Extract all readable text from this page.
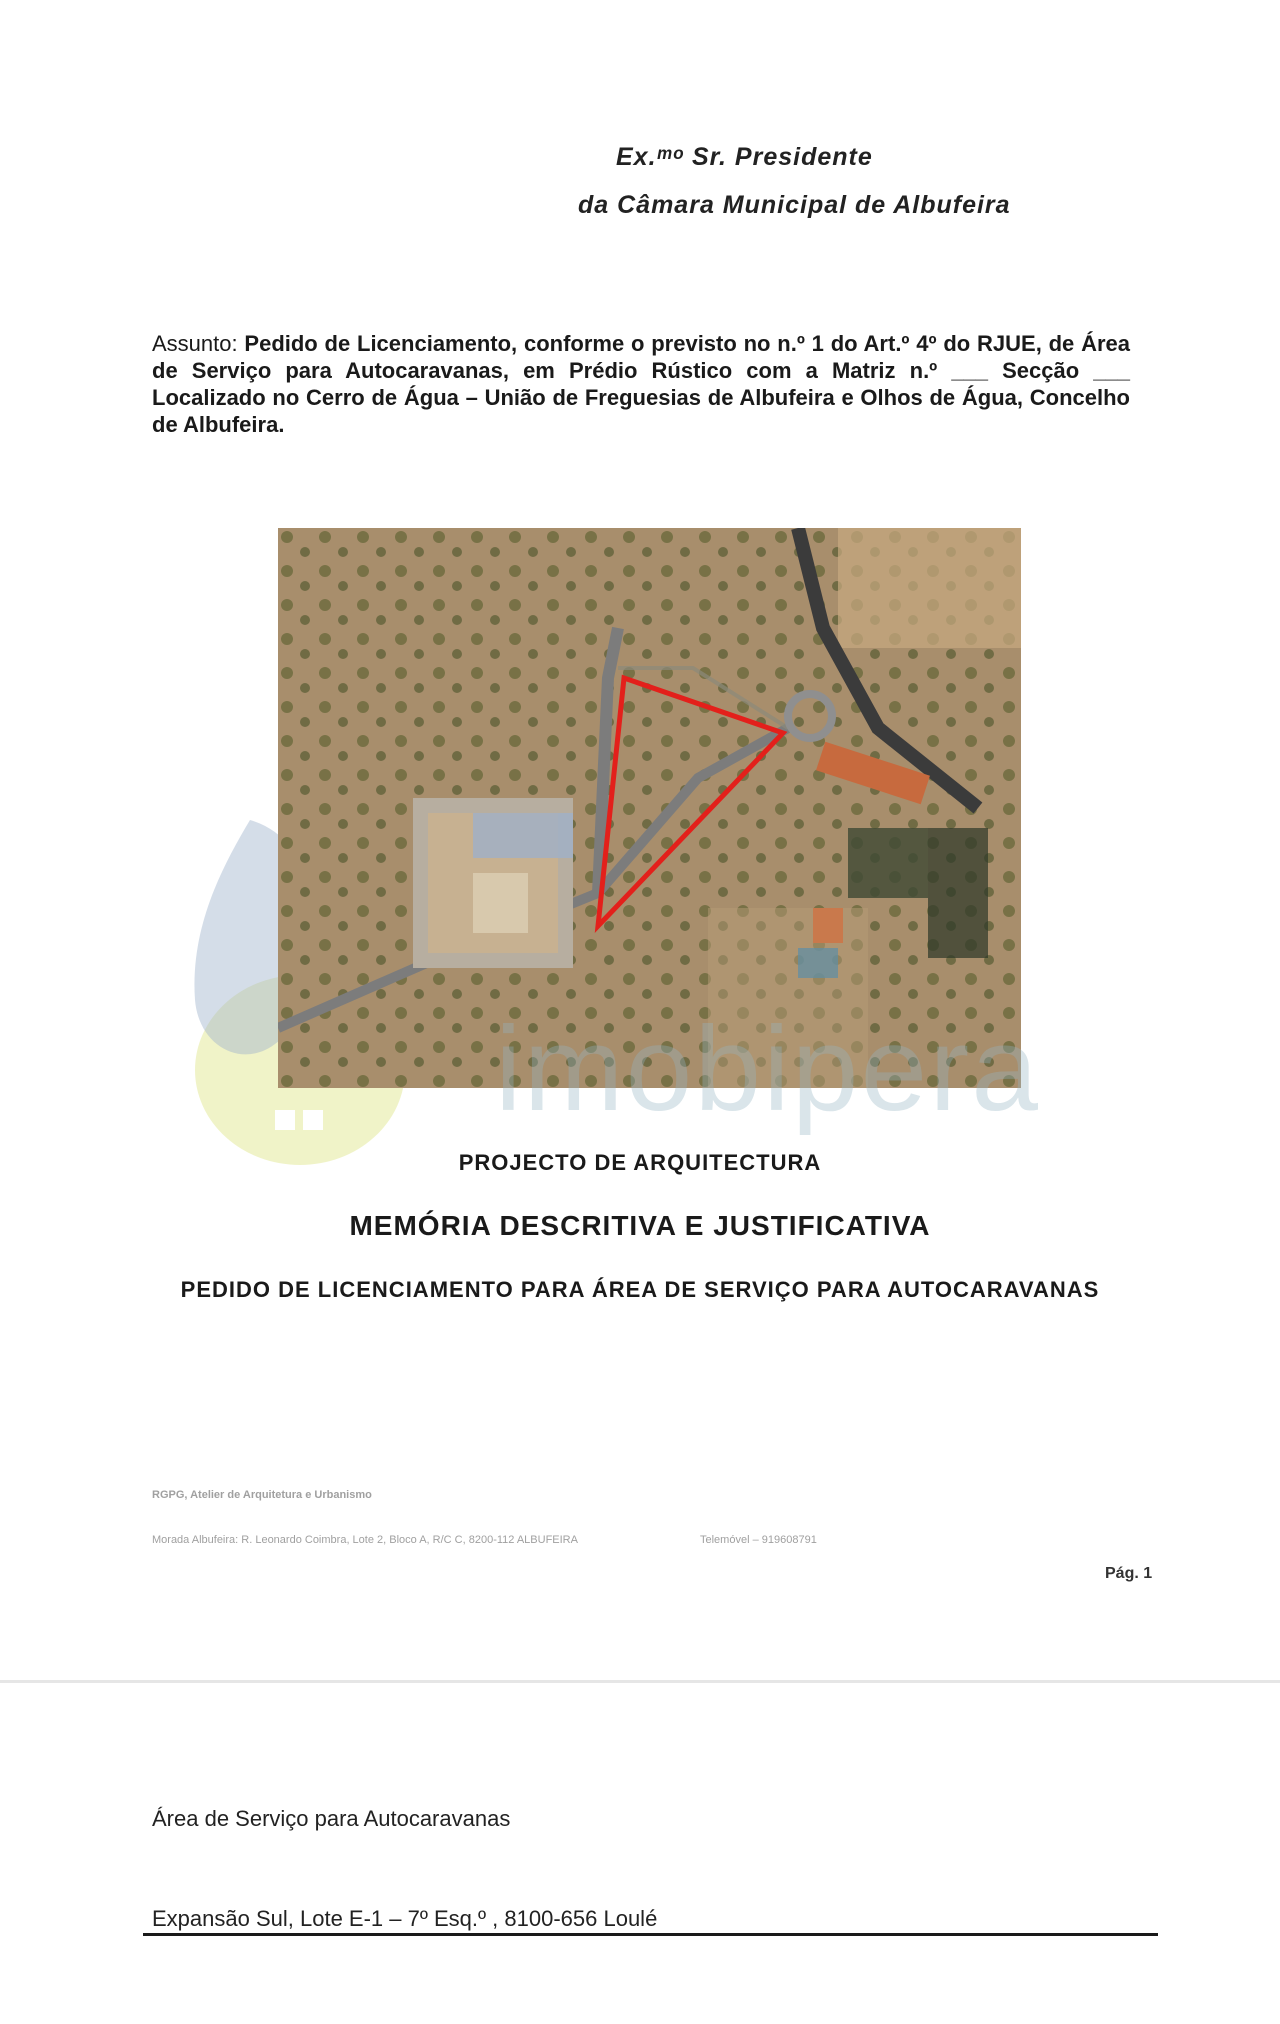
Ex.ᵐᵒ Sr. Presidente
da Câmara Municipal de Albufeira
Assunto: Pedido de Licenciamento, conforme o previsto no n.º 1 do Art.º 4º do RJUE, de Área de Serviço para Autocaravanas, em Prédio Rústico com a Matriz n.º ___ Secção ___ Localizado no Cerro de Água – União de Freguesias de Albufeira e Olhos de Água, Concelho de Albufeira.
imobipera
PROJECTO DE ARQUITECTURA
MEMÓRIA DESCRITIVA E JUSTIFICATIVA
PEDIDO DE LICENCIAMENTO PARA ÁREA DE SERVIÇO PARA AUTOCARAVANAS
RGPG, Atelier de Arquitetura e Urbanismo
Morada Albufeira: R. Leonardo Coimbra, Lote 2, Bloco A, R/C C, 8200-112 ALBUFEIRA	Telemóvel – 919608791
Pág. 1
Área de Serviço para Autocaravanas
Expansão Sul, Lote E-1 – 7º Esq.º , 8100-656 Loulé
